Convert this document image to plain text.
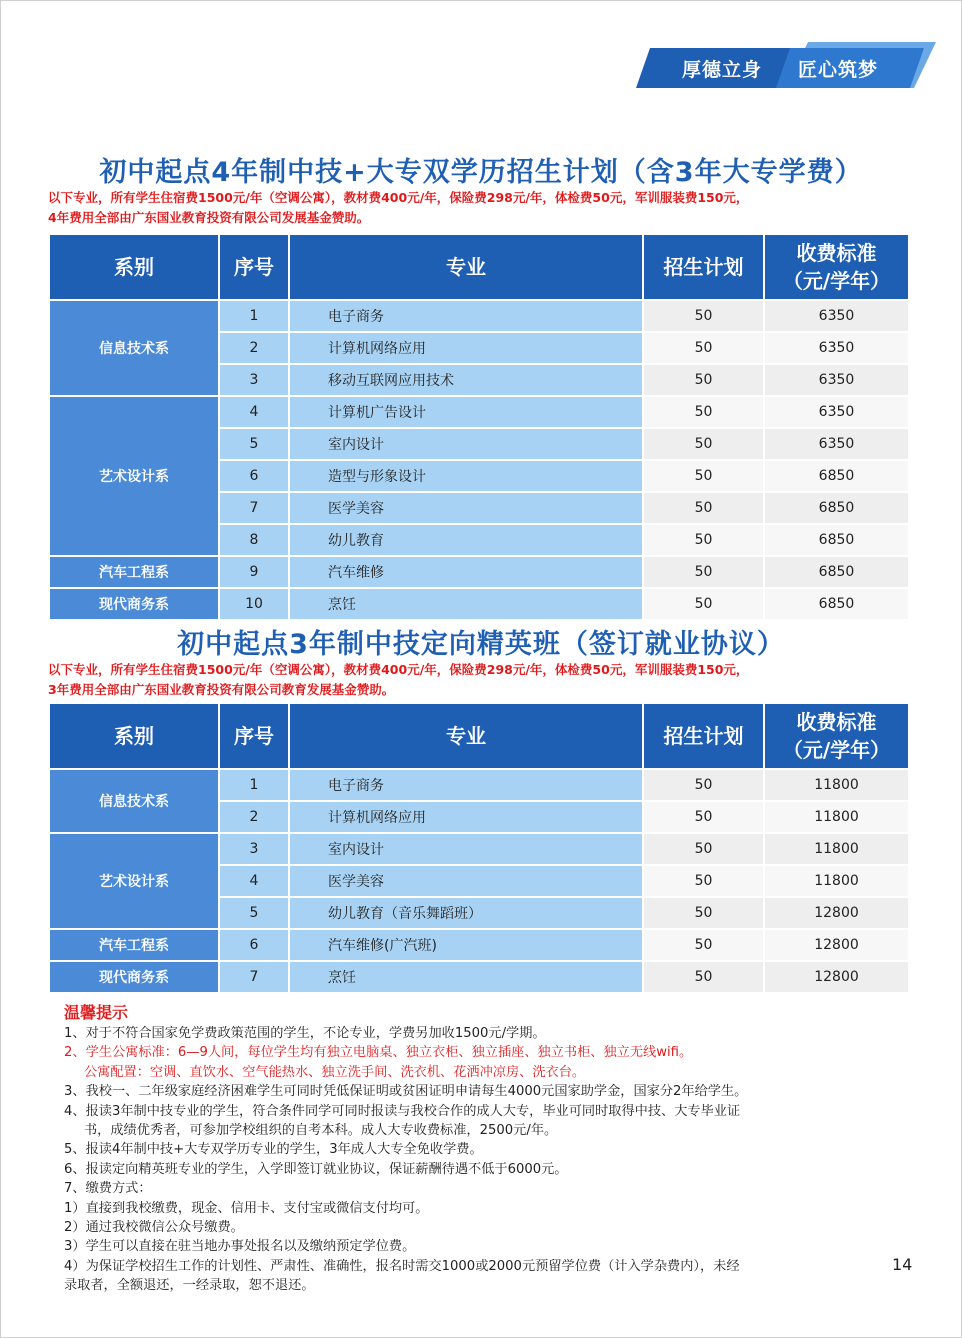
厚德立身 匠心筑梦
初中起点4年制中技+大专双学历招生计划（含3年大专学费）
以下专业，所有学生住宿费1500元/年（空调公寓），教材费400元/年，保险费298元/年，体检费50元，军训服装费150元，
4年费用全部由广东国业教育投资有限公司发展基金赞助。
系别	序号	专业	招生计划	收费标准
（元/学年）

信息技术系	1	电子商务	50	6350
	2	计算机网络应用	50	6350
	3	移动互联网应用技术	50	6350
艺术设计系	4	计算机广告设计	50	6350
	5	室内设计	50	6350
	6	造型与形象设计	50	6850
	7	医学美容	50	6850
	8	幼儿教育	50	6850
汽车工程系	9	汽车维修	50	6850
现代商务系	10	烹饪	50	6850
初中起点3年制中技定向精英班（签订就业协议）
以下专业，所有学生住宿费1500元/年（空调公寓），教材费400元/年，保险费298元/年，体检费50元，军训服装费150元，
3年费用全部由广东国业教育投资有限公司教育发展基金赞助。
系别	序号	专业	招生计划	收费标准
（元/学年）

信息技术系	1	电子商务	50	11800
	2	计算机网络应用	50	11800
艺术设计系	3	室内设计	50	11800
	4	医学美容	50	11800
	5	幼儿教育（音乐舞蹈班）	50	12800
汽车工程系	6	汽车维修(广汽班)	50	12800
现代商务系	7	烹饪	50	12800
温馨提示
1、对于不符合国家免学费政策范围的学生，不论专业，学费另加收1500元/学期。
2、学生公寓标准：6—9人间，每位学生均有独立电脑桌、独立衣柜、独立插座、独立书柜、独立无线wifi。
公寓配置：空调、直饮水、空气能热水、独立洗手间、洗衣机、花洒冲凉房、洗衣台。
3、我校一、二年级家庭经济困难学生可同时凭低保证明或贫困证明申请每生4000元国家助学金，国家分2年给学生。
4、报读3年制中技专业的学生，符合条件同学可同时报读与我校合作的成人大专，毕业可同时取得中技、大专毕业证
书，成绩优秀者，可参加学校组织的自考本科。成人大专收费标准，2500元/年。
5、报读4年制中技+大专双学历专业的学生，3年成人大专全免收学费。
6、报读定向精英班专业的学生，入学即签订就业协议，保证薪酬待遇不低于6000元。
7、缴费方式：
1）直接到我校缴费，现金、信用卡、支付宝或微信支付均可。
2）通过我校微信公众号缴费。
3）学生可以直接在驻当地办事处报名以及缴纳预定学位费。
4）为保证学校招生工作的计划性、严肃性、准确性，报名时需交1000或2000元预留学位费（计入学杂费内），未经
录取者，全额退还，一经录取，恕不退还。
14
